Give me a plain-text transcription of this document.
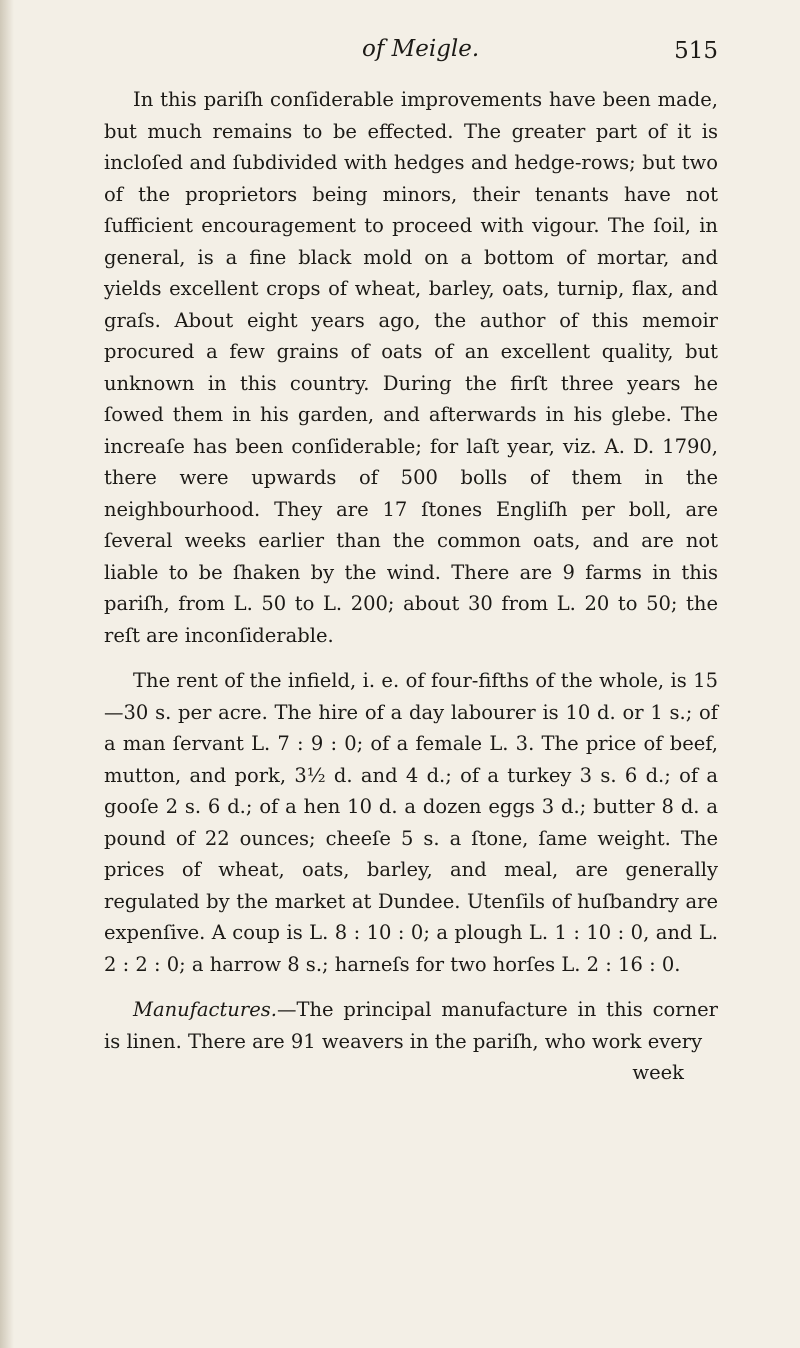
of Meigle.	515

In this pariſh conſiderable improvements have been made, but much remains to be effected. The greater part of it is incloſed and ſubdivided with hedges and hedge-rows; but two of the proprietors being minors, their tenants have not ſufficient encouragement to proceed with vigour. The ſoil, in general, is a fine black mold on a bottom of mortar, and yields excellent crops of wheat, barley, oats, turnip, flax, and graſs. About eight years ago, the author of this memoir procured a few grains of oats of an excellent quality, but unknown in this country. During the firſt three years he ſowed them in his garden, and afterwards in his glebe. The increaſe has been conſiderable; for laſt year, viz. A. D. 1790, there were upwards of 500 bolls of them in the neighbourhood. They are 17 ſtones Engliſh per boll, are ſeveral weeks earlier than the common oats, and are not liable to be ſhaken by the wind. There are 9 farms in this pariſh, from L. 50 to L. 200; about 30 from L. 20 to 50; the reſt are inconſiderable.

The rent of the infield, i. e. of four-fifths of the whole, is 15—30 s. per acre. The hire of a day labourer is 10 d. or 1 s.; of a man ſervant L. 7 : 9 : 0; of a female L. 3. The price of beef, mutton, and pork, 3½ d. and 4 d.; of a turkey 3 s. 6 d.; of a gooſe 2 s. 6 d.; of a hen 10 d. a dozen eggs 3 d.; butter 8 d. a pound of 22 ounces; cheeſe 5 s. a ſtone, ſame weight. The prices of wheat, oats, barley, and meal, are generally regulated by the market at Dundee. Utenſils of huſbandry are expenſive. A coup is L. 8 : 10 : 0; a plough L. 1 : 10 : 0, and L. 2 : 2 : 0; a harrow 8 s.; harneſs for two horſes L. 2 : 16 : 0.

Manufactures.—The principal manufacture in this corner is linen. There are 91 weavers in the pariſh, who work every

week
